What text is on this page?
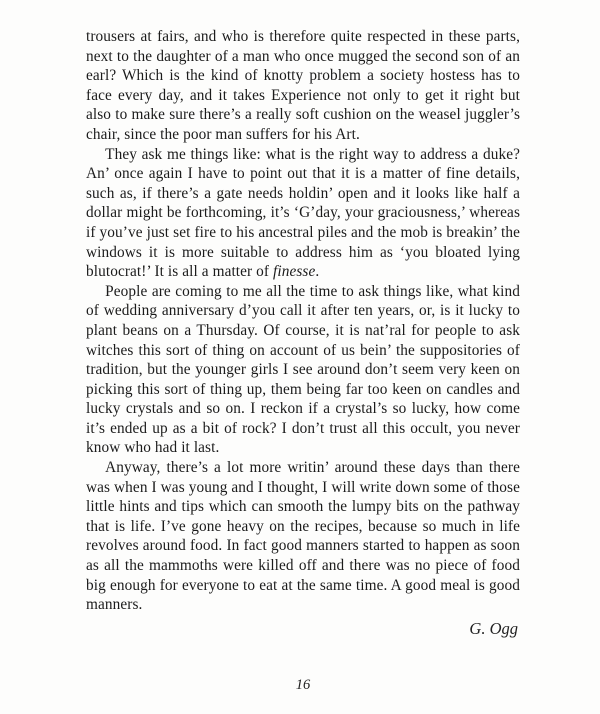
trousers at fairs, and who is therefore quite respected in these parts, next to the daughter of a man who once mugged the second son of an earl? Which is the kind of knotty problem a society hostess has to face every day, and it takes Experience not only to get it right but also to make sure there’s a really soft cushion on the weasel juggler’s chair, since the poor man suffers for his Art.

They ask me things like: what is the right way to address a duke? An’ once again I have to point out that it is a matter of fine details, such as, if there’s a gate needs holdin’ open and it looks like half a dollar might be forthcoming, it’s ‘G’day, your graciousness,’ whereas if you’ve just set fire to his ancestral piles and the mob is breakin’ the windows it is more suitable to address him as ‘you bloated lying blutocrat!’ It is all a matter of finesse.

People are coming to me all the time to ask things like, what kind of wedding anniversary d’you call it after ten years, or, is it lucky to plant beans on a Thursday. Of course, it is nat’ral for people to ask witches this sort of thing on account of us bein’ the suppositories of tradition, but the younger girls I see around don’t seem very keen on picking this sort of thing up, them being far too keen on candles and lucky crystals and so on. I reckon if a crystal’s so lucky, how come it’s ended up as a bit of rock? I don’t trust all this occult, you never know who had it last.

Anyway, there’s a lot more writin’ around these days than there was when I was young and I thought, I will write down some of those little hints and tips which can smooth the lumpy bits on the pathway that is life. I’ve gone heavy on the recipes, because so much in life revolves around food. In fact good manners started to happen as soon as all the mammoths were killed off and there was no piece of food big enough for everyone to eat at the same time. A good meal is good manners.

G. Ogg
16
